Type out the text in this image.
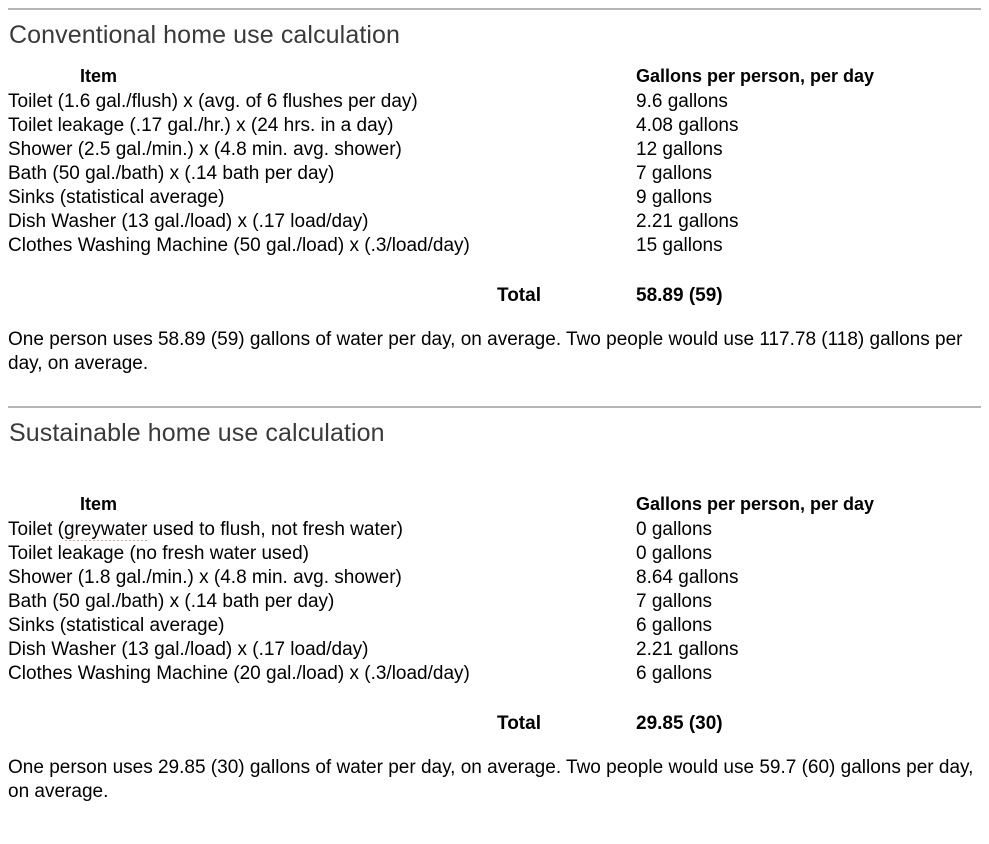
Conventional home use calculation
Item	Gallons per person, per day
Toilet (1.6 gal./flush) x (avg. of 6 flushes per day)	9.6 gallons
Toilet leakage (.17 gal./hr.) x (24 hrs. in a day)	4.08 gallons
Shower (2.5 gal./min.) x (4.8 min. avg. shower)	12 gallons
Bath (50 gal./bath) x (.14 bath per day)	7 gallons
Sinks (statistical average)	9 gallons
Dish Washer (13 gal./load) x (.17 load/day)	2.21 gallons
Clothes Washing Machine (50 gal./load) x (.3/load/day)	15 gallons
Total	58.89 (59)

One person uses 58.89 (59) gallons of water per day, on average. Two people would use 117.78 (118) gallons per day, on average.

Sustainable home use calculation
Item	Gallons per person, per day
Toilet (greywater used to flush, not fresh water)	0 gallons
Toilet leakage (no fresh water used)	0 gallons
Shower (1.8 gal./min.) x (4.8 min. avg. shower)	8.64 gallons
Bath (50 gal./bath) x (.14 bath per day)	7 gallons
Sinks (statistical average)	6 gallons
Dish Washer (13 gal./load) x (.17 load/day)	2.21 gallons
Clothes Washing Machine (20 gal./load) x (.3/load/day)	6 gallons
Total	29.85 (30)

One person uses 29.85 (30) gallons of water per day, on average. Two people would use 59.7 (60) gallons per day, on average.
